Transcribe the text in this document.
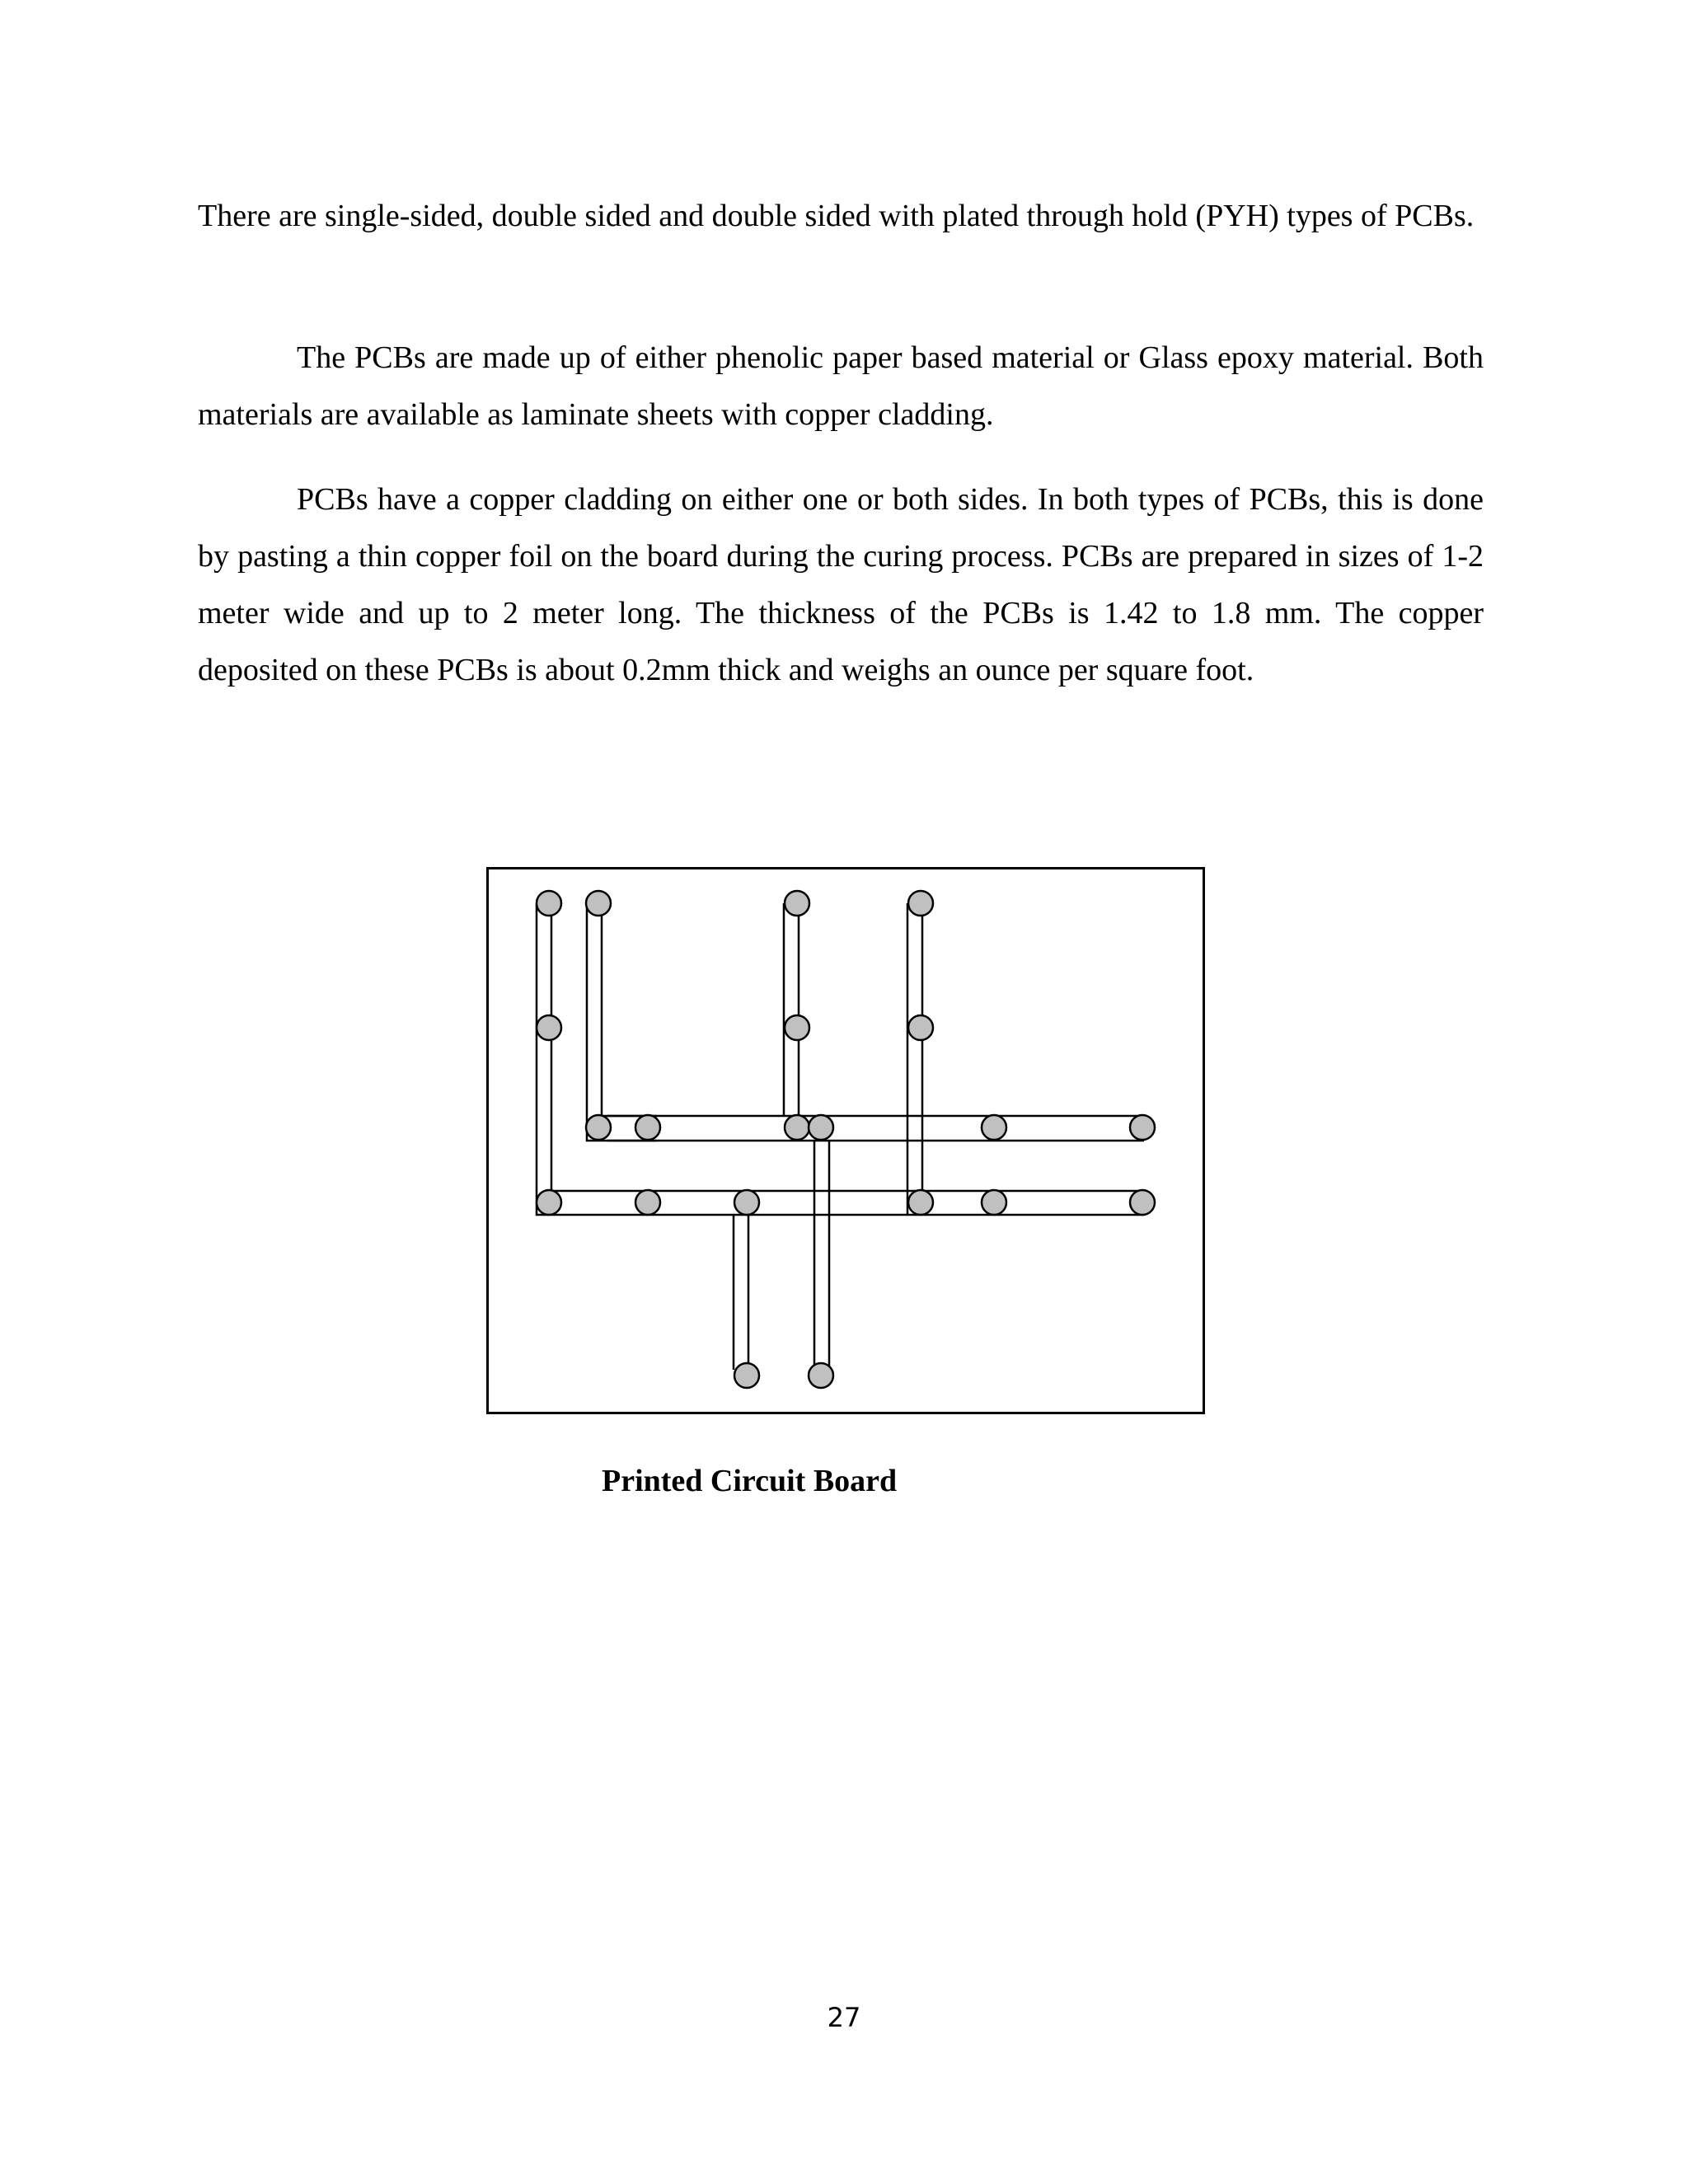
There are single-sided, double sided and double sided with plated through hold (PYH) types of PCBs.

The PCBs are made up of either phenolic paper based material or Glass epoxy material. Both materials are available as laminate sheets with copper cladding.

PCBs have a copper cladding on either one or both sides. In both types of PCBs, this is done by pasting a thin copper foil on the board during the curing process. PCBs are prepared in sizes of 1-2 meter wide and up to 2 meter long. The thickness of the PCBs is 1.42 to 1.8 mm. The copper deposited on these PCBs is about 0.2mm thick and weighs an ounce per square foot.

Printed Circuit Board

27
